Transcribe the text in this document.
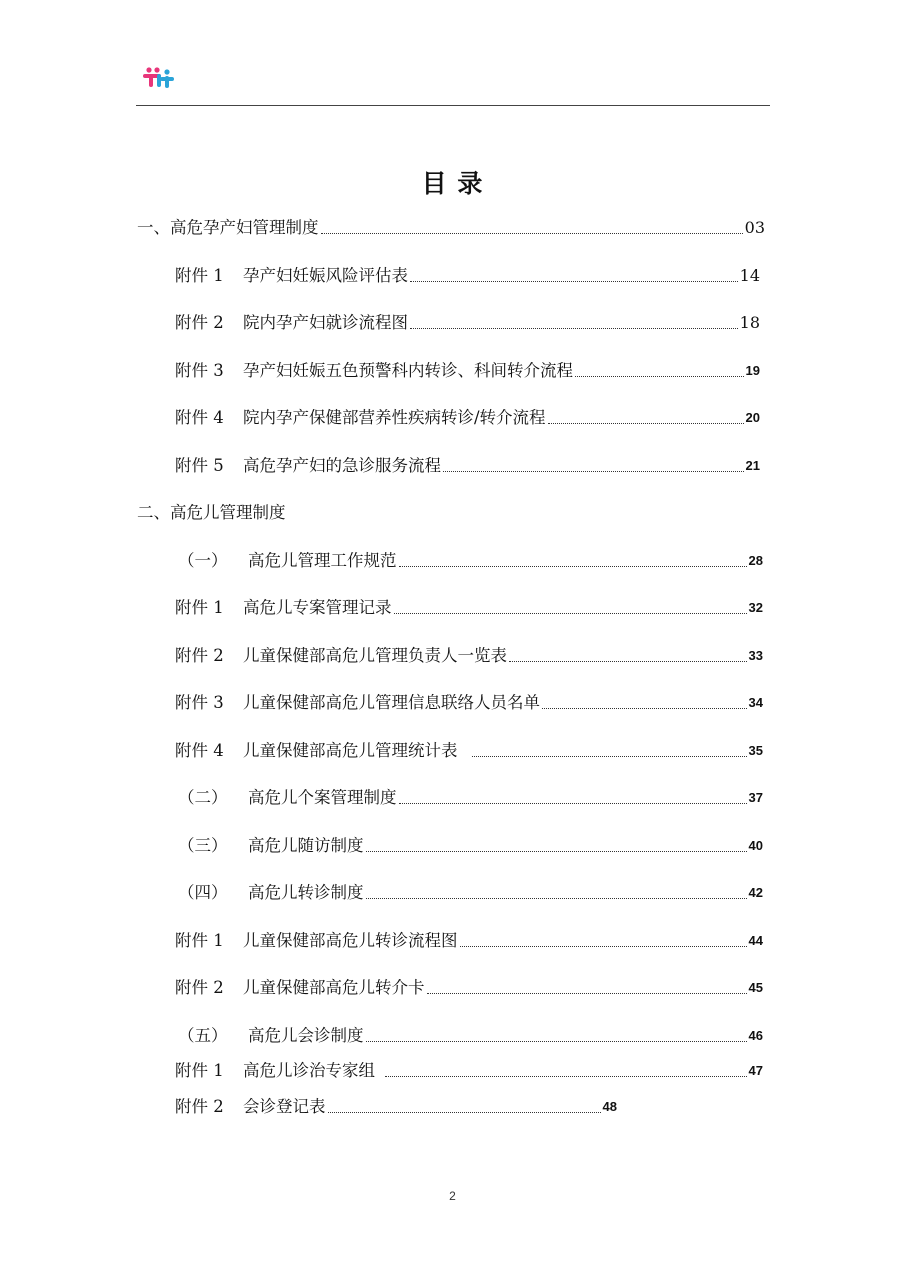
目 录
一、高危孕产妇管理制度	03
附件 1 孕产妇妊娠风险评估表	14
附件 2 院内孕产妇就诊流程图	18
附件 3 孕产妇妊娠五色预警科内转诊、科间转介流程	19
附件 4 院内孕产保健部营养性疾病转诊/转介流程	20
附件 5 高危孕产妇的急诊服务流程	21
二、高危儿管理制度
（一） 高危儿管理工作规范	28
附件 1 高危儿专案管理记录	32
附件 2 儿童保健部高危儿管理负责人一览表	33
附件 3 儿童保健部高危儿管理信息联络人员名单	34
附件 4 儿童保健部高危儿管理统计表	35
（二） 高危儿个案管理制度	37
（三） 高危儿随访制度	40
（四） 高危儿转诊制度	42
附件 1 儿童保健部高危儿转诊流程图	44
附件 2 儿童保健部高危儿转介卡	45
（五） 高危儿会诊制度	46
附件 1 高危儿诊治专家组	47
附件 2 会诊登记表	48
2
